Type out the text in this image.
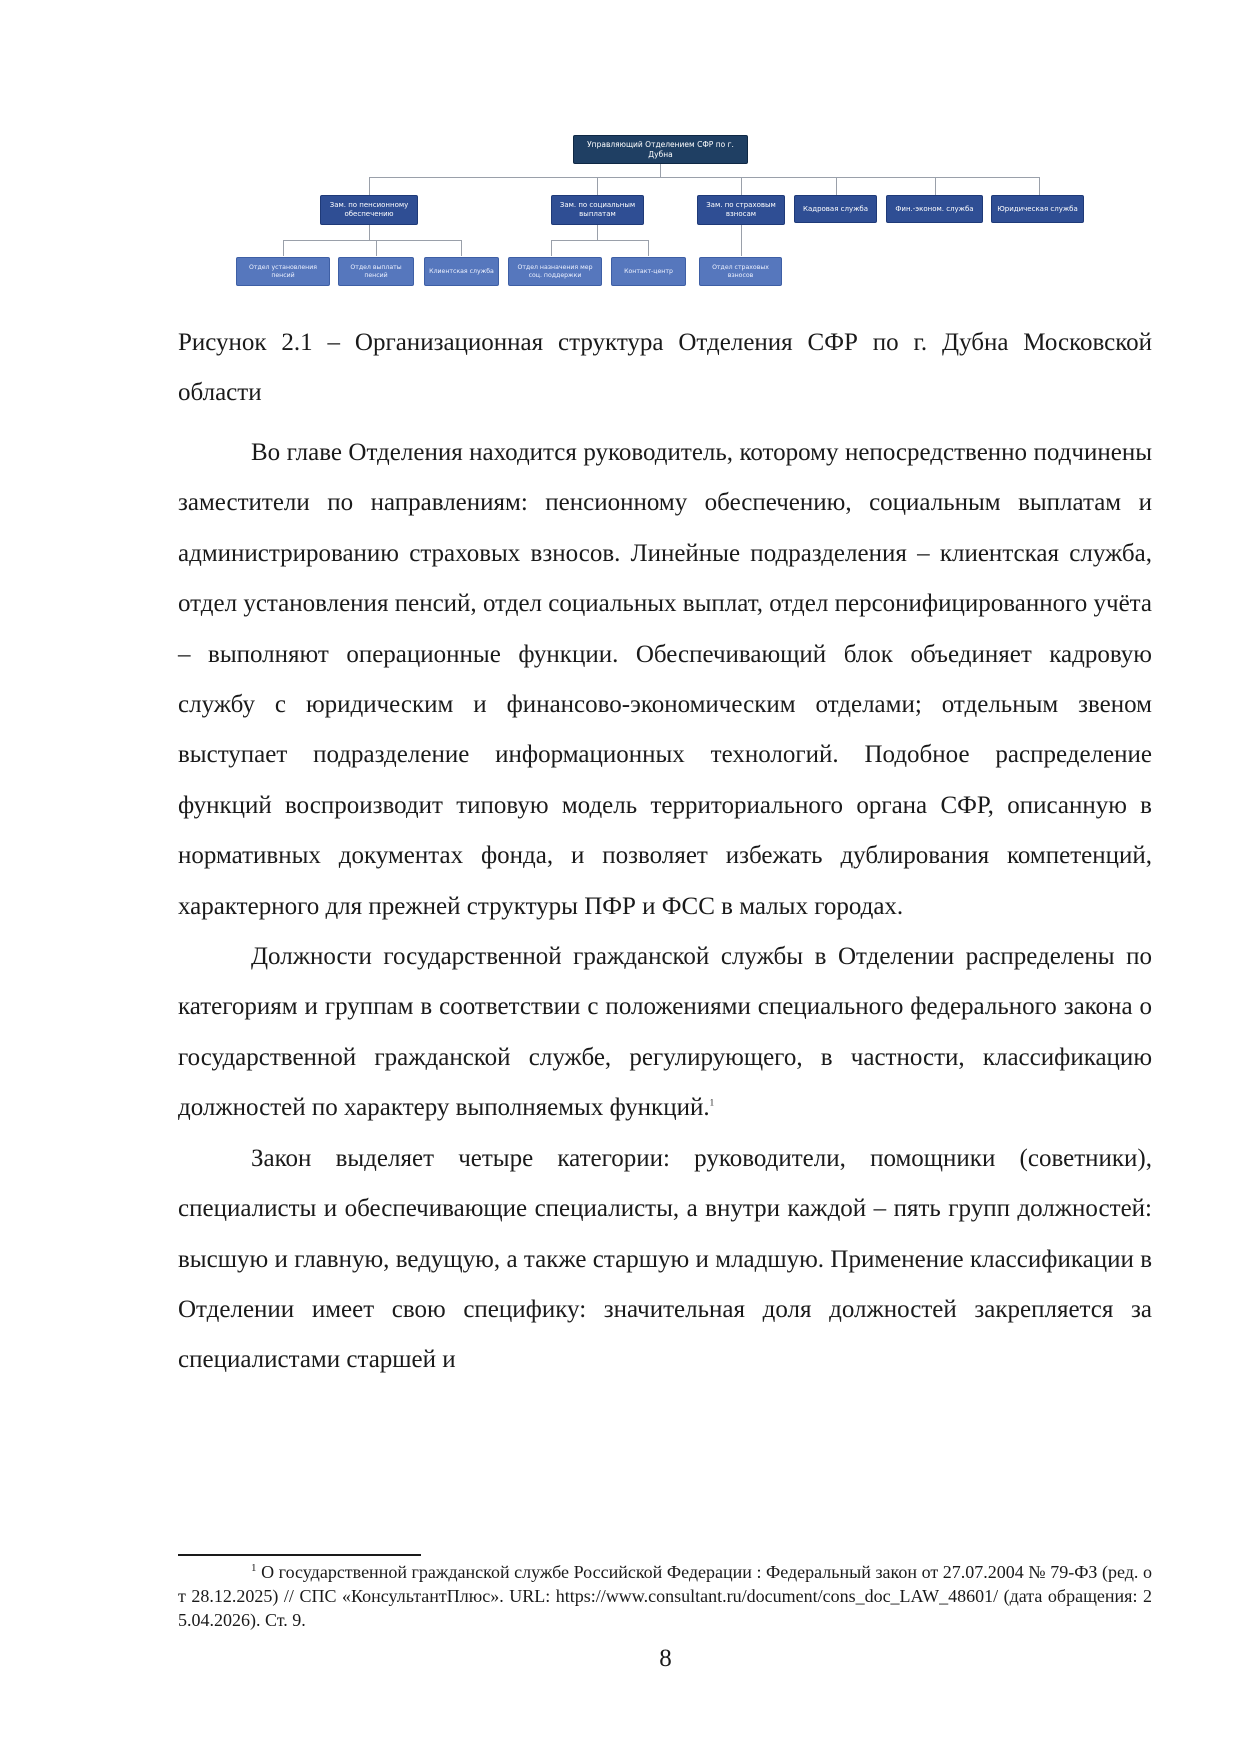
Управляющий Отделением СФР по г. Дубна
Зам. по пенсионному обеспечению
Зам. по социальным выплатам
Зам. по страховым взносам
Кадровая служба	Фин.-эконом. служба	Юридическая служба
Отдел установления пенсий
Отдел выплаты пенсий
Клиентская служба
Отдел назначения мер соц. поддержки
Контакт-центр
Отдел страховых взносов
Рисунок 2.1 – Организационная структура Отделения СФР по г. Дубна Московской области

Во главе Отделения находится руководитель, которому непосредственно подчинены заместители по направлениям: пенсионному обеспечению, социальным выплатам и администрированию страховых взносов. Линейные подразделения – клиентская служба, отдел установления пенсий, отдел социальных выплат, отдел персонифицированного учёта – выполняют операционные функции. Обеспечивающий блок объединяет кадровую службу с юридическим и финансово-экономическим отделами; отдельным звеном выступает подразделение информационных технологий. Подобное распределение функций воспроизводит типовую модель территориального органа СФР, описанную в нормативных документах фонда, и позволяет избежать дублирования компетенций, характерного для прежней структуры ПФР и ФСС в малых городах.

Должности государственной гражданской службы в Отделении распределены по категориям и группам в соответствии с положениями специального федерального закона о государственной гражданской службе, регулирующего, в частности, классификацию должностей по характеру выполняемых функций.$^1$

Закон выделяет четыре категории: руководители, помощники (советники), специалисты и обеспечивающие специалисты, а внутри каждой – пять групп должностей: высшую и главную, ведущую, а также старшую и младшую. Применение классификации в Отделении имеет свою специфику: значительная доля должностей закрепляется за специалистами старшей и

$^1$ О государственной гражданской службе Российской Федерации : Федеральный закон от 27.07.2004 № 79-ФЗ (ред. от 28.12.2025) // СПС «КонсультантПлюс». URL: https://www.consultant.ru/document/cons_doc_LAW_48601/ (дата обращения: 25.04.2026). Ст. 9.
8
